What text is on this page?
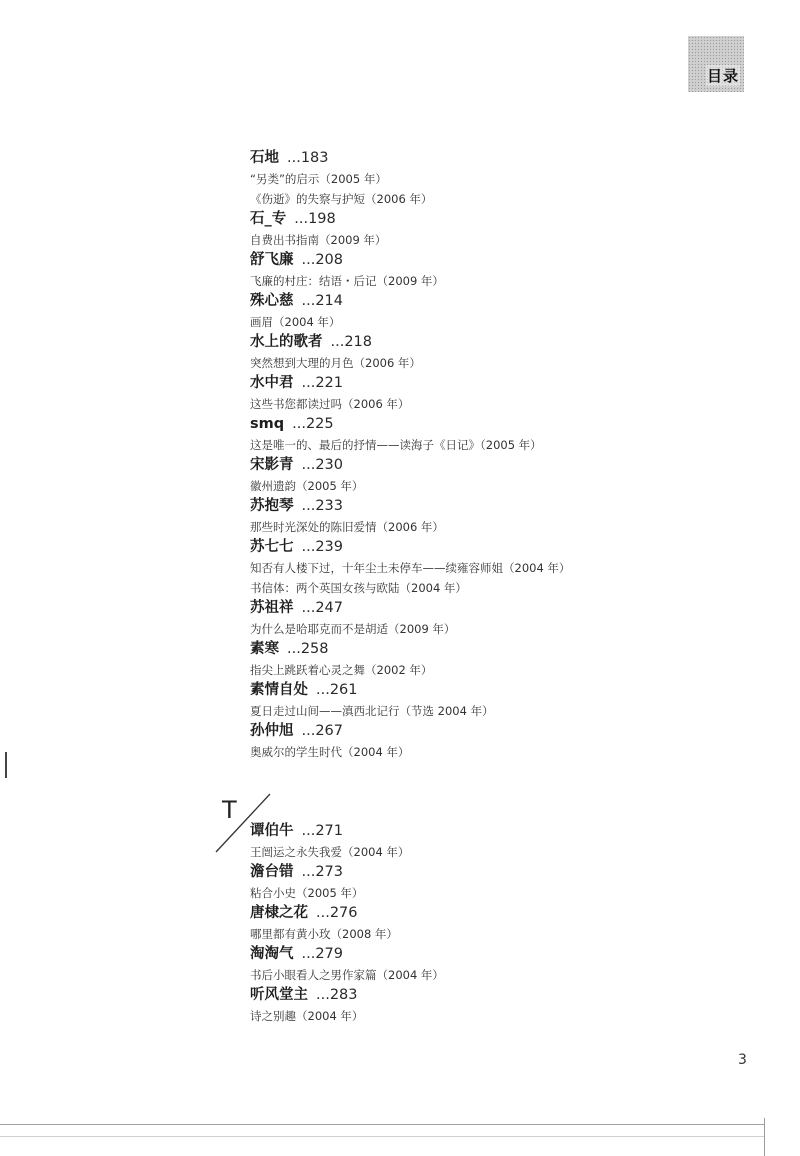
目录
石地 ...183
“另类”的启示（2005 年）
《伤逝》的失察与护短（2006 年）
石_专 ...198
自费出书指南（2009 年）
舒飞廉 ...208
飞廉的村庄：结语・后记（2009 年）
殊心慈 ...214
画眉（2004 年）
水上的歌者 ...218
突然想到大理的月色（2006 年）
水中君 ...221
这些书您都读过吗（2006 年）
smq ...225
这是唯一的、最后的抒情——读海子《日记》（2005 年）
宋影青 ...230
徽州遗韵（2005 年）
苏抱琴 ...233
那些时光深处的陈旧爱情（2006 年）
苏七七 ...239
知否有人楼下过，十年尘土未停车——续雍容师姐（2004 年）
书信体：两个英国女孩与欧陆（2004 年）
苏祖祥 ...247
为什么是哈耶克而不是胡适（2009 年）
素寒 ...258
指尖上跳跃着心灵之舞（2002 年）
素情自处 ...261
夏日走过山间——滇西北记行（节选 2004 年）
孙仲旭 ...267
奥威尔的学生时代（2004 年）
T
谭伯牛 ...271
王闿运之永失我爱（2004 年）
澹台错 ...273
粘合小史（2005 年）
唐棣之花 ...276
哪里都有黄小玫（2008 年）
淘淘气 ...279
书后小眼看人之男作家篇（2004 年）
听风堂主 ...283
诗之别趣（2004 年）
3
